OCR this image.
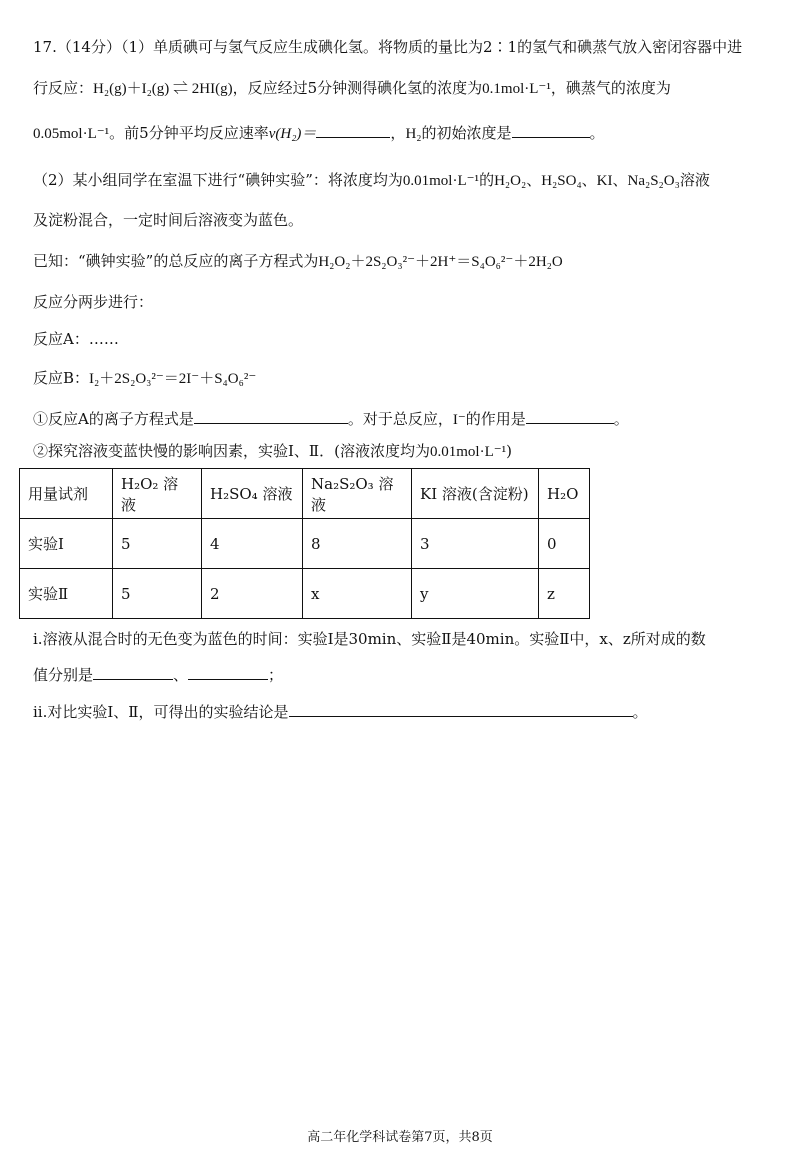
17.（14分）（1）单质碘可与氢气反应生成碘化氢。将物质的量比为2∶1的氢气和碘蒸气放入密闭容器中进
行反应：H₂(g)＋I₂(g) ⇌ 2HI(g)，反应经过5分钟测得碘化氢的浓度为0.1mol·L⁻¹，碘蒸气的浓度为
0.05mol·L⁻¹。前5分钟平均反应速率v(H₂)＝	，H₂的初始浓度是	。
（2）某小组同学在室温下进行“碘钟实验”：将浓度均为0.01mol·L⁻¹的H₂O₂、H₂SO₄、KI、Na₂S₂O₃溶液
及淀粉混合，一定时间后溶液变为蓝色。
已知：“碘钟实验”的总反应的离子方程式为H₂O₂＋2S₂O₃²⁻＋2H⁺＝S₄O₆²⁻＋2H₂O
反应分两步进行：
反应A：……
反应B：I₂＋2S₂O₃²⁻＝2I⁻＋S₄O₆²⁻
①反应A的离子方程式是	。对于总反应，I⁻的作用是	。
②探究溶液变蓝快慢的影响因素，实验Ⅰ、Ⅱ．(溶液浓度均为0.01mol·L⁻¹)
用量试剂	H₂O₂ 溶液	H₂SO₄ 溶液	Na₂S₂O₃ 溶液	KI 溶液(含淀粉)	H₂O
实验Ⅰ	5	4	8	3	0
实验Ⅱ	5	2	x	y	z
i.溶液从混合时的无色变为蓝色的时间：实验Ⅰ是30min、实验Ⅱ是40min。实验Ⅱ中，x、z所对成的数
值分别是	、	；
ii.对比实验Ⅰ、Ⅱ，可得出的实验结论是	。
高二年化学科试卷第7页，共8页
